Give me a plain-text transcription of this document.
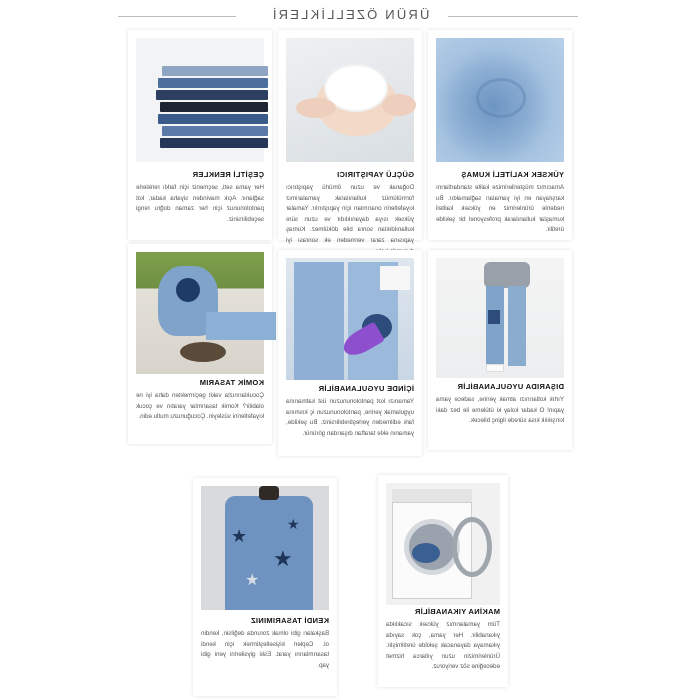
ÜRÜN ÖZELLİKLERİ
ÇEŞİTLİ RENKLER
Her yama seti, seçmeniz için farklı renklerle sağlanır. Açık mavinden siyaha kadar, kot pantolonunuz için her zaman doğru rengi seçebilirsiniz.
GÜÇLÜ YAPIŞTIRICI
Doğanak ve uzun ömürlü yapıştırıcı formülümüz kullanılarak yamalarımız kıyafetlerin onarımları için yapıştırılır. Yamalar yüksek ısıya dayanıklıdır ve uzun süre kullanıldıktan sonra bile dökülmez. Kumaş yapısına zarar vermeden ek sonrası iyi
YÜKSEK KALİTELİ KUMAŞ
Amacımız müşterilerimize kalite standartlarını karşılayan en iyi yamaları sağlamaktır. Bu nedenle ürünlerimiz en yüksek kaliteli kumaşlar kullanılarak profesyonel bir şekilde üretilir.
KOMİK TASARIM
Çocuklarınızla vakit geçirmekten daha iyi ne olabilir? Komik tasarımlar yaratın ve çocuk kıyafetlerini süsleyin. Çocuğunuzu mutlu edin.
İÇİNDE UYGULANABİLİR
Yamanızı kot pantolonunuzun üst katmanına uygulamak yerine, pantolonunuzun iç kısmına fark edilmeden yerleştirebilirsiniz. Bu şekilde, yamanın ekle taraftan dışarıdan görünür.
DIŞARIDA UYGULANABİLİR
Yırtık kotlarınızı atmak yerine, sadece yama yapın! O kadar kolay ki ütüleme ile bez daki kırışıklık kısa sürede ilginç bilecek.
★
★
★
★
KENDİ TASARIMINIZ
Başkaları gibi olmak zorunda değilsin, kendin ol. Cepleri kişiselleştirmek için kendi tasarımlarını yarat. Eski giysilerini yeni gibi yap.
MAKİNA YIKANABİLİR
Tüm yamalarımız yüksek sıcaklıkta yıkanabilir. Her yama, çok sayıda yıkamaya dayanacak şekilde üretilmiştir. Ürünlerimizin uzun yıllarca hizmet edeceğine söz veriyoruz.
